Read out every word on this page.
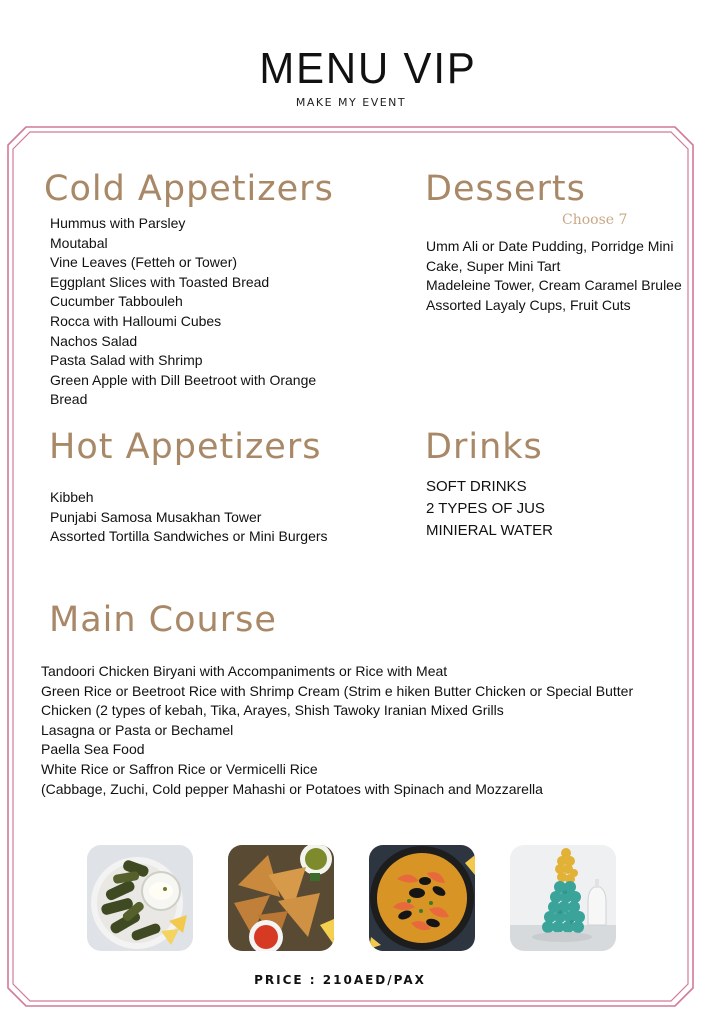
MENU VIP
MAKE MY EVENT
Cold Appetizers
Hummus with Parsley
Moutabal
Vine Leaves (Fetteh or Tower)
Eggplant Slices with Toasted Bread
Cucumber Tabbouleh
Rocca with Halloumi Cubes
Nachos Salad
Pasta Salad with Shrimp
Green Apple with Dill Beetroot with Orange Bread
Desserts
Choose 7
Umm Ali or Date Pudding, Porridge Mini Cake, Super Mini Tart
Madeleine Tower, Cream Caramel Brulee
Assorted Layaly Cups, Fruit Cuts
Hot Appetizers
Kibbeh
Punjabi Samosa Musakhan Tower
Assorted Tortilla Sandwiches or Mini Burgers
Drinks
SOFT DRINKS
2 TYPES OF JUS
MINIERAL WATER
Main Course
Tandoori Chicken Biryani with Accompaniments or Rice with Meat
Green Rice or Beetroot Rice with Shrimp Cream (Strim e hiken Butter Chicken or Special Butter
Chicken (2 types of kebah, Tika, Arayes, Shish Tawoky Iranian Mixed Grills
Lasagna or Pasta or Bechamel
Paella Sea Food
White Rice or Saffron Rice or Vermicelli Rice
(Cabbage, Zuchi, Cold pepper Mahashi or Potatoes with Spinach and Mozzarella
PRICE : 210AED/PAX
